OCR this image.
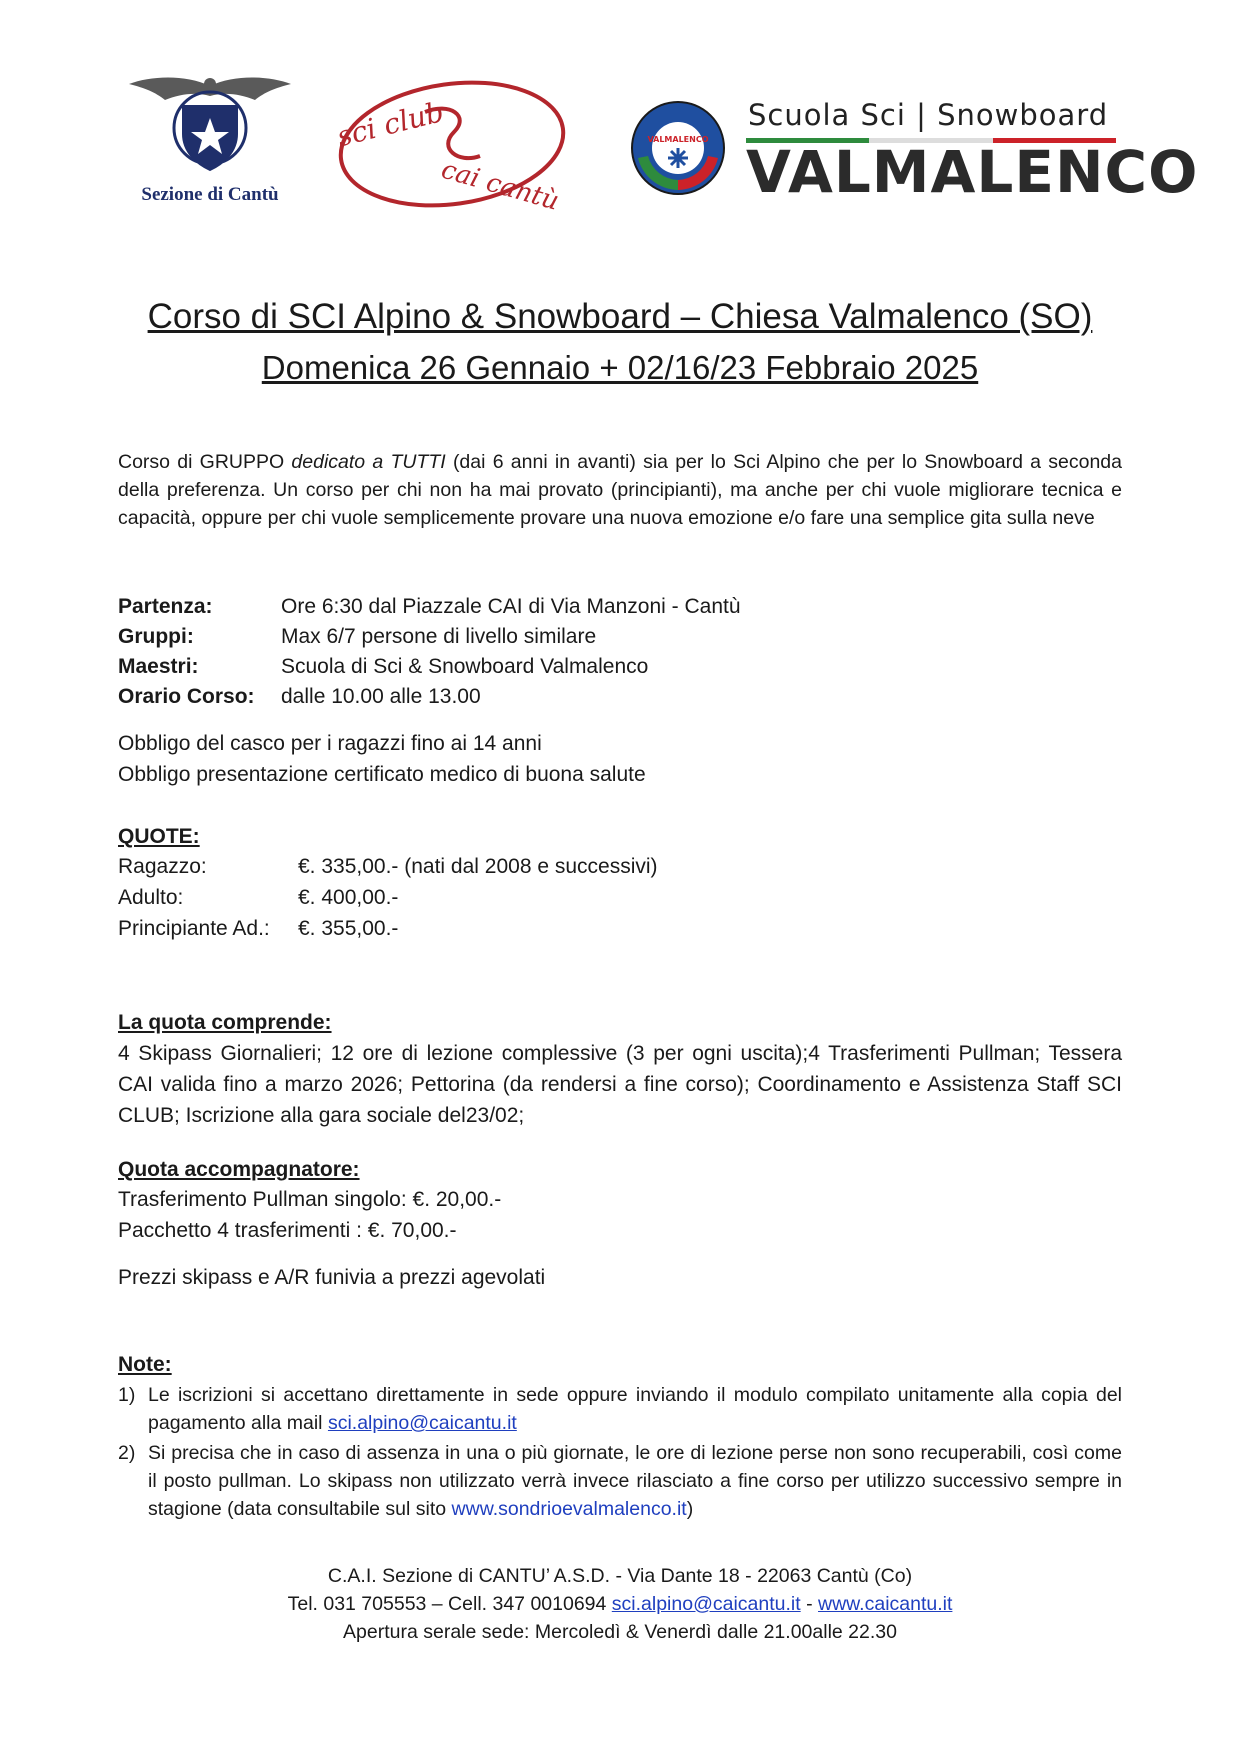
Sezione di Cantù
sci club
cai cantù
VALMALENCO
Scuola Sci | Snowboard
VALMALENCO
Corso di SCI Alpino & Snowboard – Chiesa Valmalenco (SO)
Domenica 26 Gennaio + 02/16/23 Febbraio 2025
Corso di GRUPPO dedicato a TUTTI (dai 6 anni in avanti) sia per lo Sci Alpino che per lo Snowboard a seconda della preferenza. Un corso per chi non ha mai provato (principianti), ma anche per chi vuole migliorare tecnica e capacità, oppure per chi vuole semplicemente provare una nuova emozione e/o fare una semplice gita sulla neve
Partenza:	Ore 6:30 dal Piazzale CAI di Via Manzoni - Cantù
Gruppi:	Max 6/7 persone di livello similare
Maestri:	Scuola di Sci & Snowboard Valmalenco
Orario Corso: dalle 10.00 alle 13.00
Obbligo del casco per i ragazzi fino ai 14 anni
Obbligo presentazione certificato medico di buona salute
QUOTE:
Ragazzo:	€. 335,00.- (nati dal 2008 e successivi)
Adulto:	€. 400,00.-
Principiante Ad.: €. 355,00.-
La quota comprende:
4 Skipass Giornalieri; 12 ore di lezione complessive (3 per ogni uscita);4 Trasferimenti Pullman; Tessera CAI valida fino a marzo 2026; Pettorina (da rendersi a fine corso); Coordinamento e Assistenza Staff SCI CLUB; Iscrizione alla gara sociale del23/02;
Quota accompagnatore:
Trasferimento Pullman singolo: €. 20,00.-
Pacchetto 4 trasferimenti : €. 70,00.-
Prezzi skipass e A/R funivia a prezzi agevolati
Note:
1) Le iscrizioni si accettano direttamente in sede oppure inviando il modulo compilato unitamente alla copia del pagamento alla mail sci.alpino@caicantu.it
2) Si precisa che in caso di assenza in una o più giornate, le ore di lezione perse non sono recuperabili, così come il posto pullman. Lo skipass non utilizzato verrà invece rilasciato a fine corso per utilizzo successivo sempre in stagione (data consultabile sul sito www.sondrioevalmalenco.it)
C.A.I. Sezione di CANTU’ A.S.D. - Via Dante 18 - 22063 Cantù (Co)
Tel. 031 705553 – Cell. 347 0010694 sci.alpino@caicantu.it - www.caicantu.it
Apertura serale sede: Mercoledì & Venerdì dalle 21.00alle 22.30
